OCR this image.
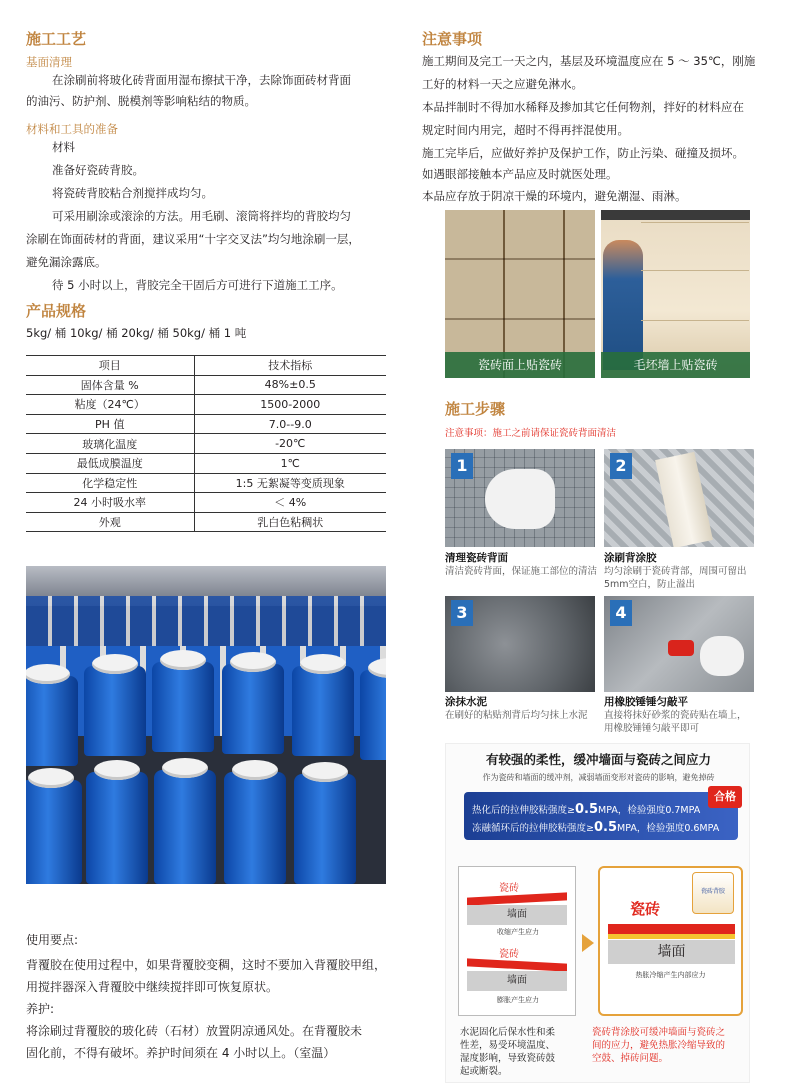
施工工艺
基面清理
在涂刷前将玻化砖背面用湿布擦拭干净，去除饰面砖材背面
的油污、防护剂、脱模剂等影响粘结的物质。
材料和工具的准备
材料
准备好瓷砖背胶。
将瓷砖背胶粘合剂搅拌成均匀。
可采用刷涂或滚涂的方法。用毛刷、滚筒将拌均的背胶均匀
涂刷在饰面砖材的背面，建议采用“十字交叉法”均匀地涂刷一层，
避免漏涂露底。
待 5 小时以上，背胶完全干固后方可进行下道施工工序。
产品规格
5kg/ 桶 10kg/ 桶 20kg/ 桶 50kg/ 桶 1 吨
项目	技术指标
固体含量 %	48%±0.5
粘度（24℃）	1500-2000
PH 值	7.0--9.0
玻璃化温度	-20℃
最低成膜温度	1℃
化学稳定性	1:5 无絮凝等变质现象
24 小时吸水率	＜ 4%
外观	乳白色粘稠状
使用要点:
背覆胶在使用过程中，如果背覆胶变稠，这时不要加入背覆胶甲组，
用搅拌器深入背覆胶中继续搅拌即可恢复原状。
养护:
将涂刷过背覆胶的玻化砖（石材）放置阴凉通风处。在背覆胶未
固化前，不得有破坏。养护时间须在 4 小时以上。（室温）
注意事项
施工期间及完工一天之内，基层及环境温度应在 5 ～ 35℃，刚施
工好的材料一天之应避免淋水。
本品拌制时不得加水稀释及掺加其它任何物剂，拌好的材料应在
规定时间内用完，超时不得再拌混使用。
施工完毕后，应做好养护及保护工作，防止污染、碰撞及损坏。
如遇眼部接触本产品应及时就医处理。
本品应存放于阴凉干燥的环境内，避免潮湿、雨淋。
瓷砖面上贴瓷砖	毛坯墙上贴瓷砖
施工步骤
注意事项：施工之前请保证瓷砖背面清洁
1
清理瓷砖背面
清洁瓷砖背面，保证施工部位的清洁
2
涂刷背涂胶
均匀涂刷于瓷砖背部，周围可留出
5mm空白，防止溢出
3
涂抹水泥
在刷好的粘贴剂背后均匀抹上水泥
4
用橡胶锤锤匀敲平
直接将抹好砂浆的瓷砖贴在墙上，
用橡胶锤锤匀敲平即可
有较强的柔性，缓冲墙面与瓷砖之间应力
作为瓷砖和墙面的缓冲剂，减弱墙面变形对瓷砖的影响，避免掉砖
热化后的拉伸胶粘强度≥0.5MPA，检验强度0.7MPA
冻融循环后的拉伸胶粘强度≥0.5MPA，检验强度0.6MPA
合格
瓷砖
墙面
收缩产生应力
瓷砖
墙面
膨胀产生应力
瓷砖背胶
瓷砖
墙面
热胀冷缩产生内部应力
水泥固化后保水性和柔
性差，易受环境温度、
湿度影响，导致瓷砖鼓
起或断裂。
瓷砖背涂胶可缓冲墙面与瓷砖之
间的应力，避免热胀冷缩导致的
空鼓、掉砖问题。
